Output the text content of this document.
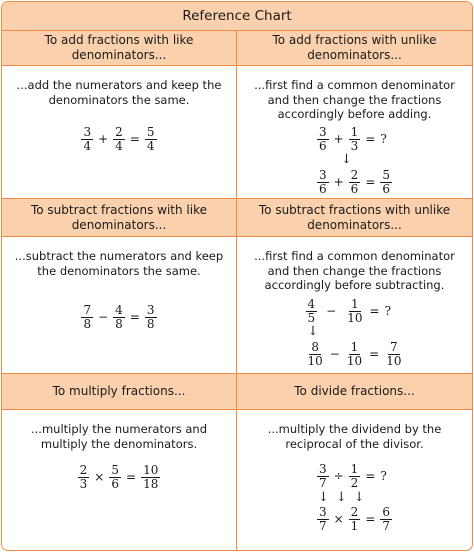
Reference Chart
To add fractions with like denominators...
To add fractions with unlike denominators...
...add the numerators and keep the denominators the same.
$\frac{3}{4} + \frac{2}{4} = \frac{5}{4}$
...first find a common denominator and then change the fractions accordingly before adding.
$\frac{3}{6} + \frac{1}{3}$ = ?
↓
$\frac{3}{6} + \frac{2}{6} = \frac{5}{6}$
To subtract fractions with like denominators...
To subtract fractions with unlike denominators...
...subtract the numerators and keep the denominators the same.
$\frac{7}{8} - \frac{4}{8} = \frac{3}{8}$
...first find a common denominator and then change the fractions accordingly before subtracting.
$\frac{4}{5} - \frac{1}{10}$ = ?
↓
$\frac{8}{10} - \frac{1}{10} = \frac{7}{10}$
To multiply fractions...	To divide fractions...
...multiply the numerators and multiply the denominators.
$\frac{2}{3} \times \frac{5}{6} = \frac{10}{18}$
...multiply the dividend by the reciprocal of the divisor.
$\frac{3}{7} \div \frac{1}{2}$ = ?
↓ ↓ ↓
$\frac{3}{7} \times \frac{2}{1} = \frac{6}{7}$
